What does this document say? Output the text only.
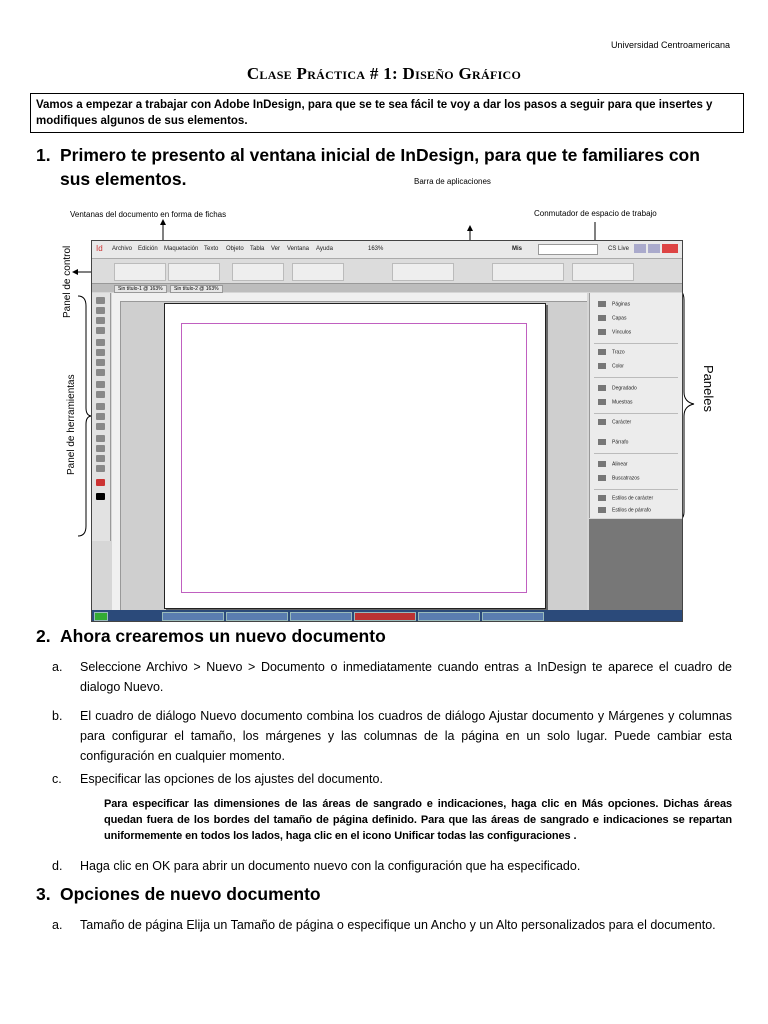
Universidad Centroamericana
Clase Práctica # 1: Diseño Gráfico
Vamos a empezar a trabajar con Adobe InDesign, para que se te sea fácil te voy a dar los pasos a seguir para que insertes y modifiques algunos de sus elementos.
1. Primero te presento al ventana inicial de InDesign, para que te familiares con
sus elementos.	Barra de aplicaciones
Ventanas del documento en forma de fichas	Conmutador de espacio de trabajo
Panel de control
Panel de herramientas	Paneles
Id Archivo Edición Maquetación Texto Objeto Tabla Ver Ventana Ayuda	163%	Mis	CS Live
Sin título-1 @ 163%	Sin título-2 @ 163%
Páginas
Capas
Vínculos
Trazo
Color
Degradado
Muestras
Carácter
Párrafo
Alinear
Buscatrazos
Estilos de carácter
Estilos de párrafo
2. Ahora crearemos un nuevo documento
a. Seleccione Archivo > Nuevo > Documento o inmediatamente cuando entras a InDesign te aparece el cuadro de dialogo Nuevo.
b. El cuadro de diálogo Nuevo documento combina los cuadros de diálogo Ajustar documento y Márgenes y columnas para configurar el tamaño, los márgenes y las columnas de la página en un solo lugar. Puede cambiar esta configuración en cualquier momento.
c. Especificar las opciones de los ajustes del documento.
Para especificar las dimensiones de las áreas de sangrado e indicaciones, haga clic en Más opciones. Dichas áreas quedan fuera de los bordes del tamaño de página definido. Para que las áreas de sangrado e indicaciones se repartan uniformemente en todos los lados, haga clic en el icono Unificar todas las configuraciones .
d. Haga clic en OK para abrir un documento nuevo con la configuración que ha especificado.
3. Opciones de nuevo documento
a. Tamaño de página Elija un Tamaño de página o especifique un Ancho y un Alto personalizados para el documento.
